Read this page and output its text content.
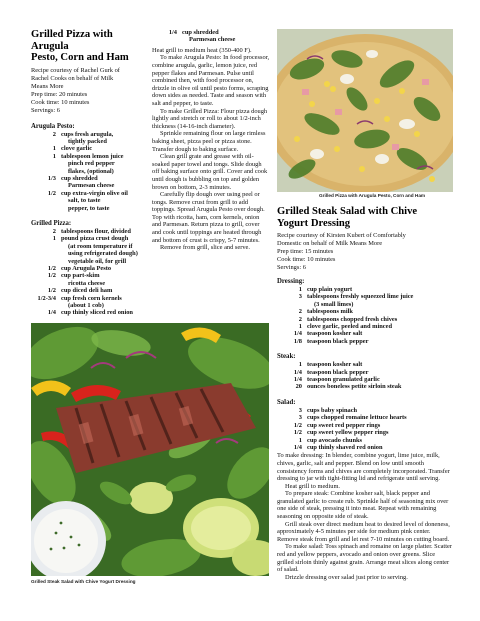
Grilled Pizza with Arugula
Pesto, Corn and Ham
Recipe courtesy of Rachel Gurk of
Rachel Cooks on behalf of Milk
Means More
Prep time: 20 minutes
Cook time: 10 minutes
Servings: 6
Arugula Pesto:
2 cups fresh arugula,
tightly packed
1 clove garlic
1 tablespoon lemon juice
pinch red pepper
flakes, (optional)
1/3 cup shredded
Parmesan cheese
1/2 cup extra-virgin olive oil
salt, to taste
pepper, to taste
Grilled Pizza:
2 tablespoons flour, divided
1 pound pizza crust dough
(at room temperature if
using refrigerated dough)
vegetable oil, for grill
1/2 cup Arugula Pesto
1/2 cup part-skim
ricotta cheese
1/2 cup diced deli ham
1/2-3/4 cup fresh corn kernels
(about 1 cob)
1/4 cup thinly sliced red onion
1/4 cup shredded
Parmesan cheese

Heat grill to medium heat (350-400 F).

To make Arugula Pesto: In food processor, combine arugula, garlic, lemon juice, red pepper flakes and Parmesan. Pulse until combined then, with food processor on, drizzle in olive oil until pesto forms, scraping down sides as needed. Taste and season with salt and pepper, to taste.

To make Grilled Pizza: Flour pizza dough lightly and stretch or roll to about 1/2-inch thickness (14-16-inch diameter).

Sprinkle remaining flour on large rimless baking sheet, pizza peel or pizza stone. Transfer dough to baking surface.

Clean grill grate and grease with oil-soaked paper towel and tongs. Slide dough off baking surface onto grill. Cover and cook until dough is bubbling on top and golden brown on bottom, 2-3 minutes.

Carefully flip dough over using peel or tongs. Remove crust from grill to add toppings. Spread Arugula Pesto over dough. Top with ricotta, ham, corn kernels, onion and Parmesan. Return pizza to grill, cover and cook until toppings are heated through and bottom of crust is crispy, 5-7 minutes.

Remove from grill, slice and serve.

Grilled Pizza with Arugula Pesto, Corn and Ham
Grilled Steak Salad with Chive
Yogurt Dressing
Recipe courtesy of Kirsten Kubert of Comfortably
Domestic on behalf of Milk Means More
Prep time: 15 minutes
Cook time: 10 minutes
Servings: 6
Dressing:
1 cup plain yogurt
3 tablespoons freshly squeezed lime juice
(3 small limes)
2 tablespoons milk
2 tablespoons chopped fresh chives
1 clove garlic, peeled and minced
1/4 teaspoon kosher salt
1/8 teaspoon black pepper
Steak:
1 teaspoon kosher salt
1/4 teaspoon black pepper
1/4 teaspoon granulated garlic
20 ounces boneless petite sirloin steak
Salad:
3 cups baby spinach
3 cups chopped romaine lettuce hearts
1/2 cup sweet red pepper rings
1/2 cup sweet yellow pepper rings
1 cup avocado chunks
1/4 cup thinly shaved red onion

To make dressing: In blender, combine yogurt, lime juice, milk, chives, garlic, salt and pepper. Blend on low until smooth consistency forms and chives are completely incorporated. Transfer dressing to jar with tight-fitting lid and refrigerate until serving.

Heat grill to medium.

To prepare steak: Combine kosher salt, black pepper and granulated garlic to create rub. Sprinkle half of seasoning mix over one side of steak, pressing it into meat. Repeat with remaining seasoning on opposite side of steak.

Grill steak over direct medium heat to desired level of doneness, approximately 4-5 minutes per side for medium pink center. Remove steak from grill and let rest 7-10 minutes on cutting board.

To make salad: Toss spinach and romaine on large platter. Scatter red and yellow peppers, avocado and onion over greens. Slice grilled sirloin thinly against grain. Arrange meat slices along center of salad.

Drizzle dressing over salad just prior to serving.

Grilled Steak Salad with Chive Yogurt Dressing
